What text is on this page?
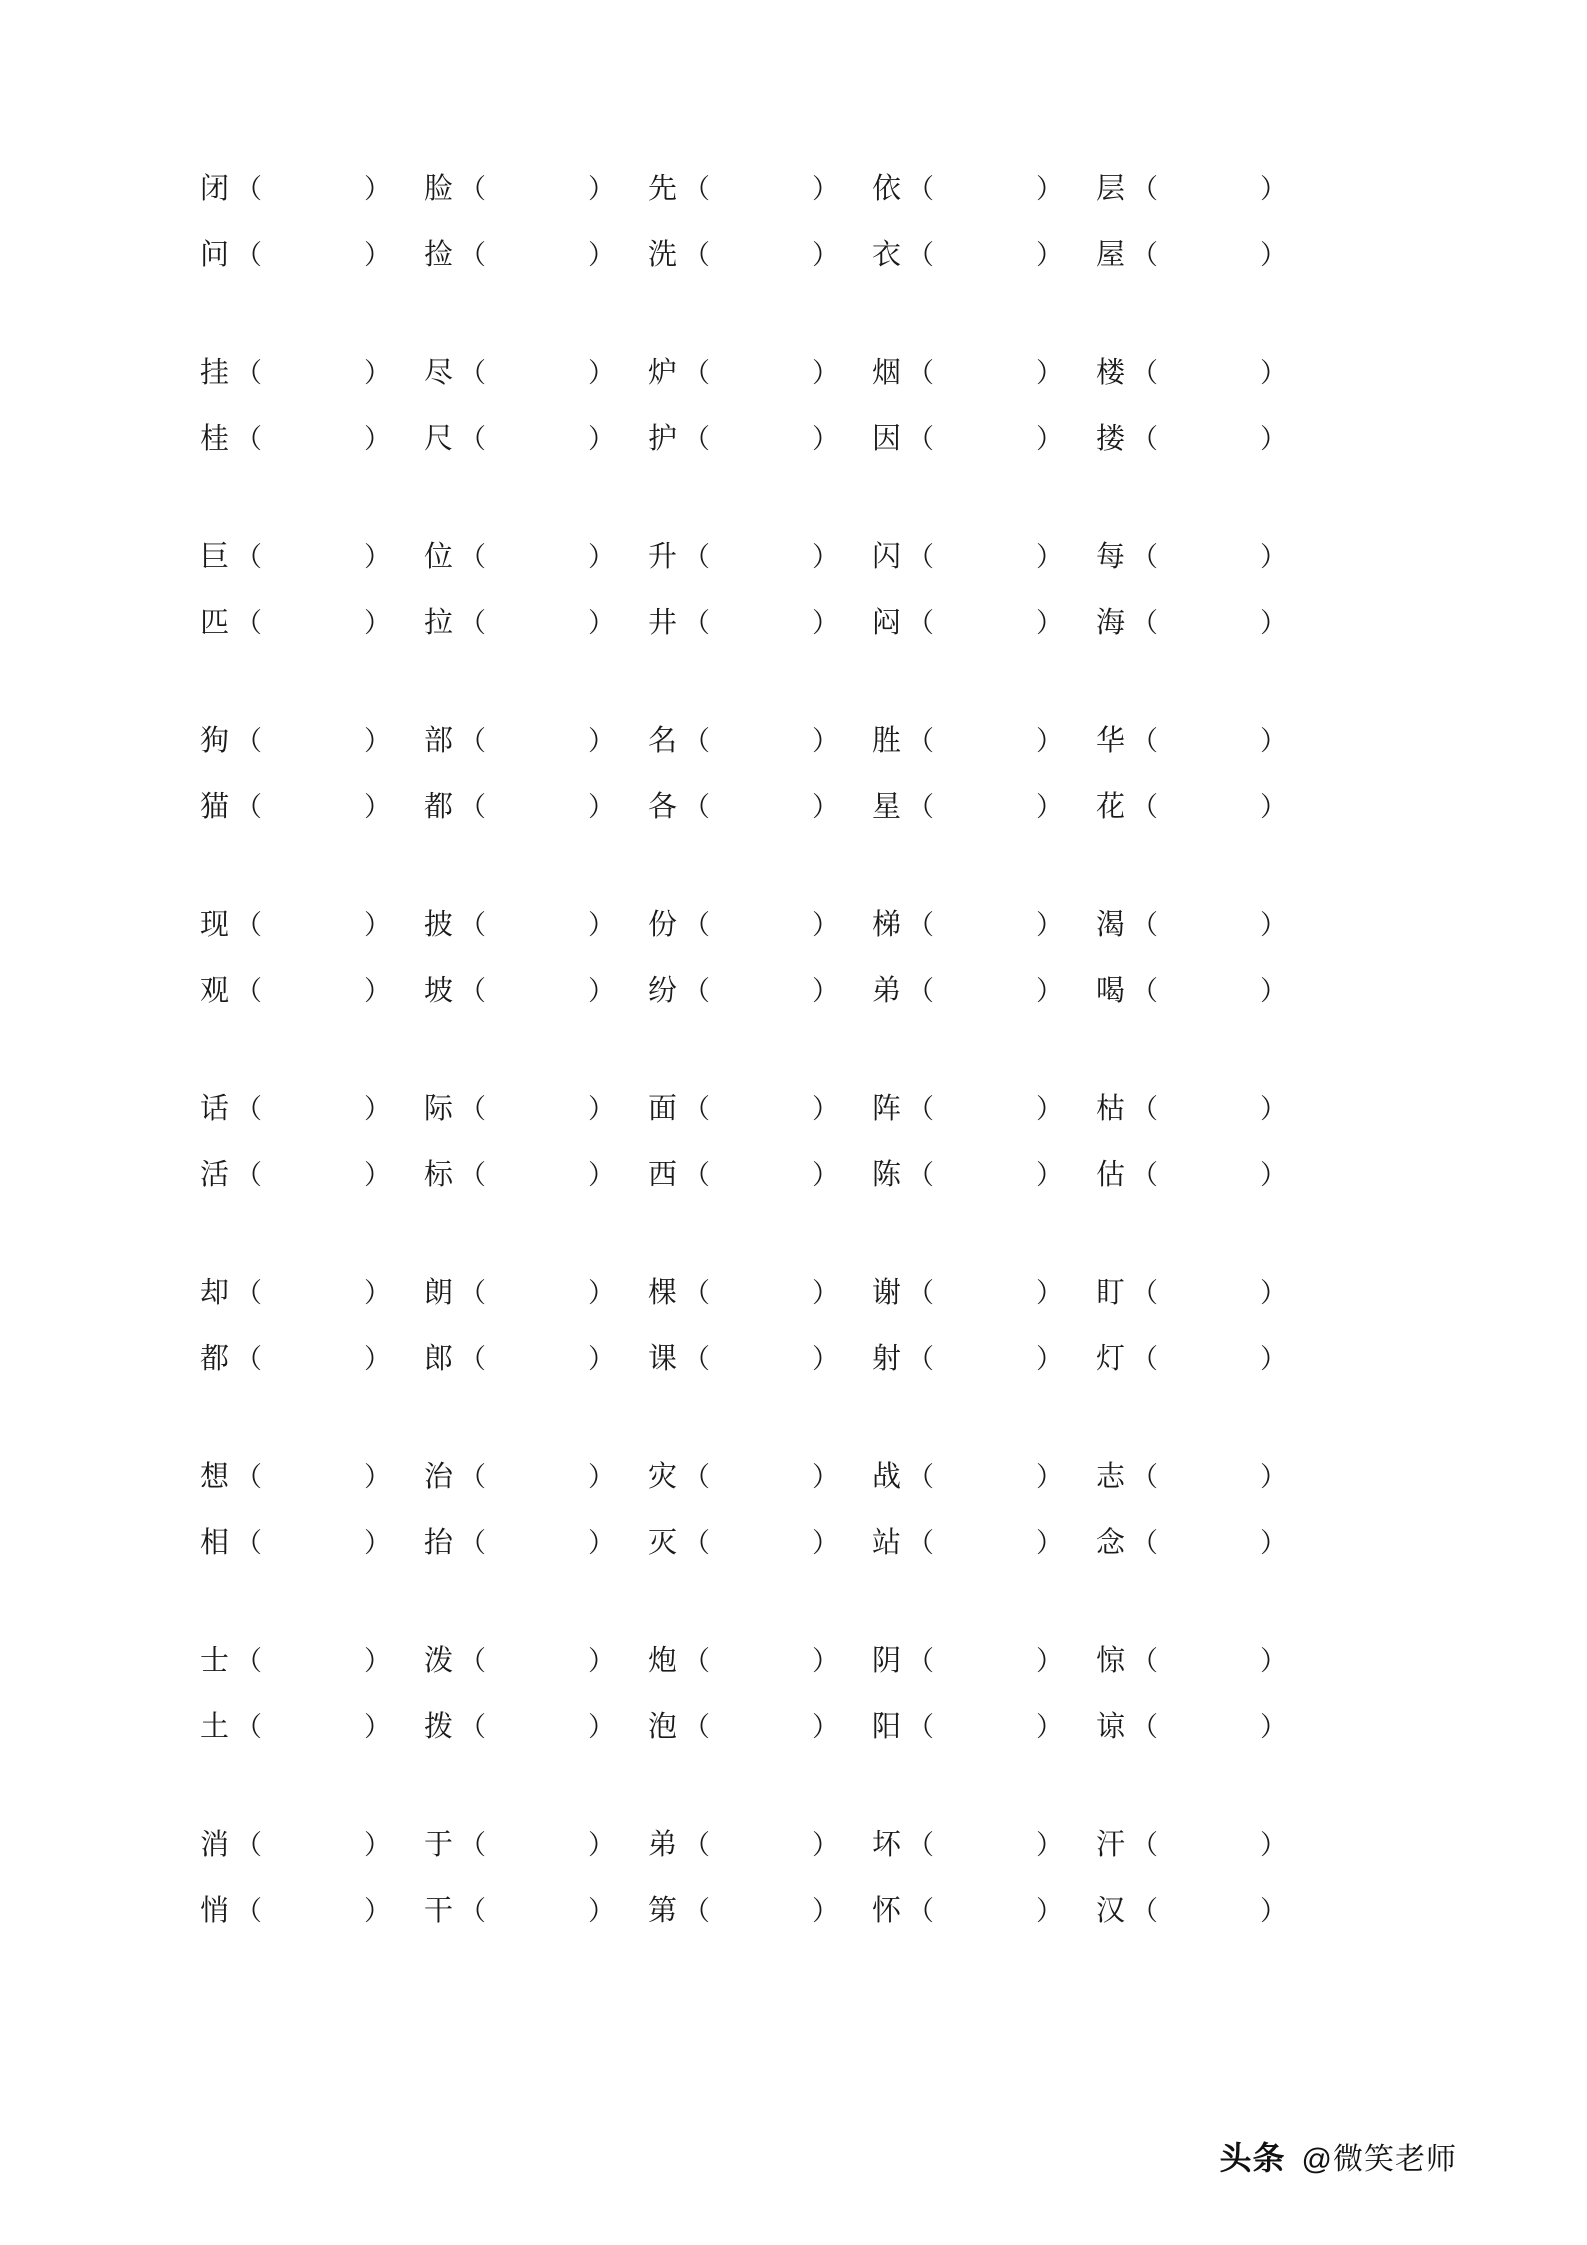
闭 （	） 脸 （	） 先 （	） 依 （	） 层 （	）
问 （	） 捡 （	） 洗 （	） 衣 （	） 屋 （	）
挂 （	） 尽 （	） 炉 （	） 烟 （	） 楼 （	）
桂 （	） 尺 （	） 护 （	） 因 （	） 搂 （	）
巨 （	） 位 （	） 升 （	） 闪 （	） 每 （	）
匹 （	） 拉 （	） 井 （	） 闷 （	） 海 （	）
狗 （	） 部 （	） 名 （	） 胜 （	） 华 （	）
猫 （	） 都 （	） 各 （	） 星 （	） 花 （	）
现 （	） 披 （	） 份 （	） 梯 （	） 渴 （	）
观 （	） 坡 （	） 纷 （	） 弟 （	） 喝 （	）
话 （	） 际 （	） 面 （	） 阵 （	） 枯 （	）
活 （	） 标 （	） 西 （	） 陈 （	） 估 （	）
却 （	） 朗 （	） 棵 （	） 谢 （	） 盯 （	）
都 （	） 郎 （	） 课 （	） 射 （	） 灯 （	）
想 （	） 治 （	） 灾 （	） 战 （	） 志 （	）
相 （	） 抬 （	） 灭 （	） 站 （	） 念 （	）
士 （	） 泼 （	） 炮 （	） 阴 （	） 惊 （	）
土 （	） 拨 （	） 泡 （	） 阳 （	） 谅 （	）
消 （	） 于 （	） 弟 （	） 坏 （	） 汗 （	）
悄 （	） 干 （	） 第 （	） 怀 （	） 汉 （	）
头条 @微笑老师
